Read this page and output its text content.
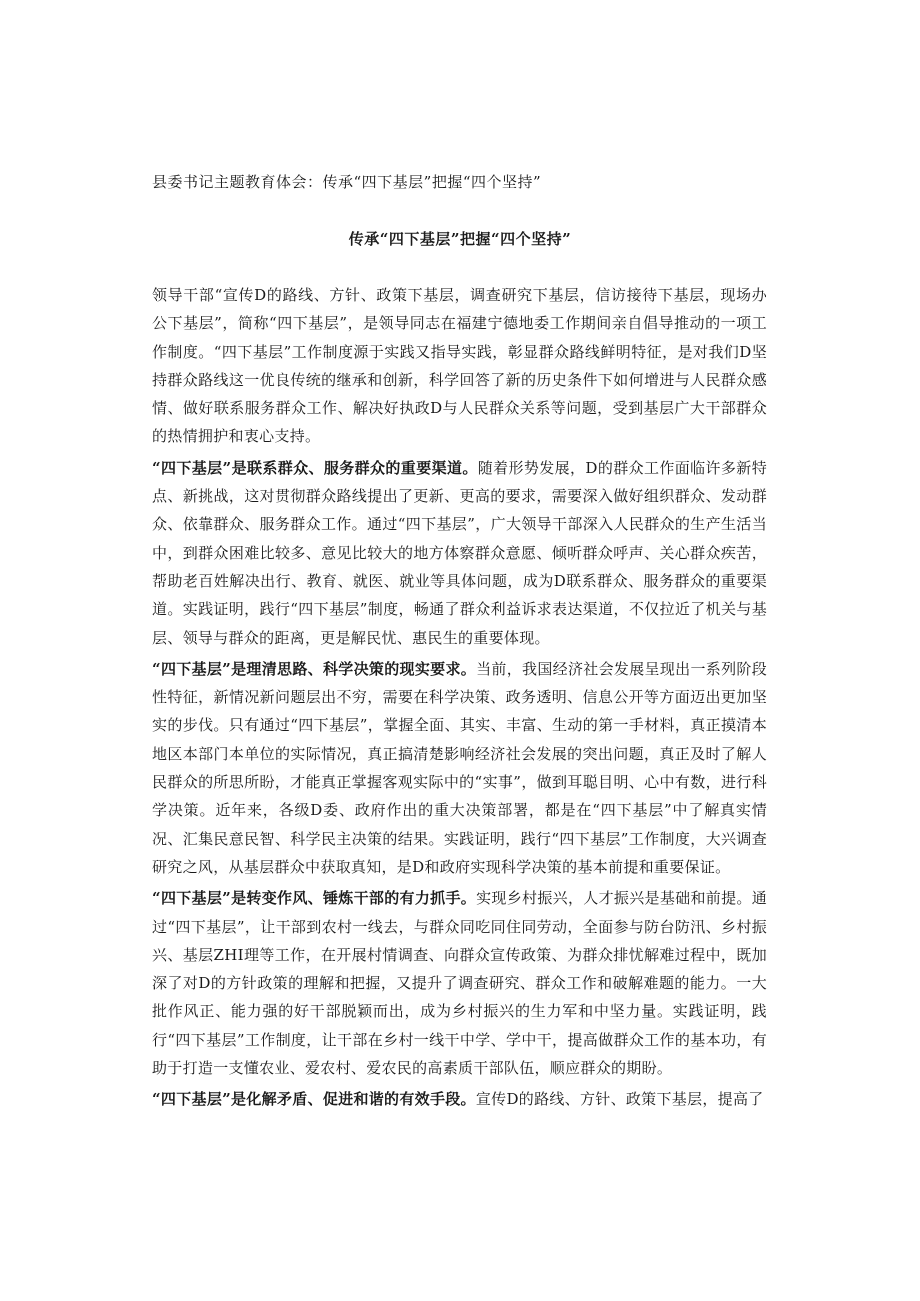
县委书记主题教育体会：传承“四下基层”把握“四个坚持”
传承“四下基层”把握“四个坚持”

领导干部“宣传D的路线、方针、政策下基层，调查研究下基层，信访接待下基层，现场办公下基层”，简称“四下基层”，是领导同志在福建宁德地委工作期间亲自倡导推动的一项工作制度。“四下基层”工作制度源于实践又指导实践，彰显群众路线鲜明特征，是对我们D坚持群众路线这一优良传统的继承和创新，科学回答了新的历史条件下如何增进与人民群众感情、做好联系服务群众工作、解决好执政D与人民群众关系等问题，受到基层广大干部群众的热情拥护和衷心支持。

“四下基层”是联系群众、服务群众的重要渠道。随着形势发展，D的群众工作面临许多新特点、新挑战，这对贯彻群众路线提出了更新、更高的要求，需要深入做好组织群众、发动群众、依靠群众、服务群众工作。通过“四下基层”，广大领导干部深入人民群众的生产生活当中，到群众困难比较多、意见比较大的地方体察群众意愿、倾听群众呼声、关心群众疾苦，帮助老百姓解决出行、教育、就医、就业等具体问题，成为D联系群众、服务群众的重要渠道。实践证明，践行“四下基层”制度，畅通了群众利益诉求表达渠道，不仅拉近了机关与基层、领导与群众的距离，更是解民忧、惠民生的重要体现。

“四下基层”是理清思路、科学决策的现实要求。当前，我国经济社会发展呈现出一系列阶段性特征，新情况新问题层出不穷，需要在科学决策、政务透明、信息公开等方面迈出更加坚实的步伐。只有通过“四下基层”，掌握全面、其实、丰富、生动的第一手材料，真正摸清本地区本部门本单位的实际情况，真正搞清楚影响经济社会发展的突出问题，真正及时了解人民群众的所思所盼，才能真正掌握客观实际中的“实事”，做到耳聪目明、心中有数，进行科学决策。近年来，各级D委、政府作出的重大决策部署，都是在“四下基层”中了解真实情况、汇集民意民智、科学民主决策的结果。实践证明，践行“四下基层”工作制度，大兴调查研究之风，从基层群众中获取真知，是D和政府实现科学决策的基本前提和重要保证。

“四下基层”是转变作风、锤炼干部的有力抓手。实现乡村振兴，人才振兴是基础和前提。通过“四下基层”，让干部到农村一线去，与群众同吃同住同劳动，全面参与防台防汛、乡村振兴、基层ZHI理等工作，在开展村情调查、向群众宣传政策、为群众排忧解难过程中，既加深了对D的方针政策的理解和把握，又提升了调查研究、群众工作和破解难题的能力。一大批作风正、能力强的好干部脱颖而出，成为乡村振兴的生力军和中坚力量。实践证明，践行“四下基层”工作制度，让干部在乡村一线干中学、学中干，提高做群众工作的基本功，有助于打造一支懂农业、爱农村、爱农民的高素质干部队伍，顺应群众的期盼。

“四下基层”是化解矛盾、促进和谐的有效手段。宣传D的路线、方针、政策下基层，提高了
